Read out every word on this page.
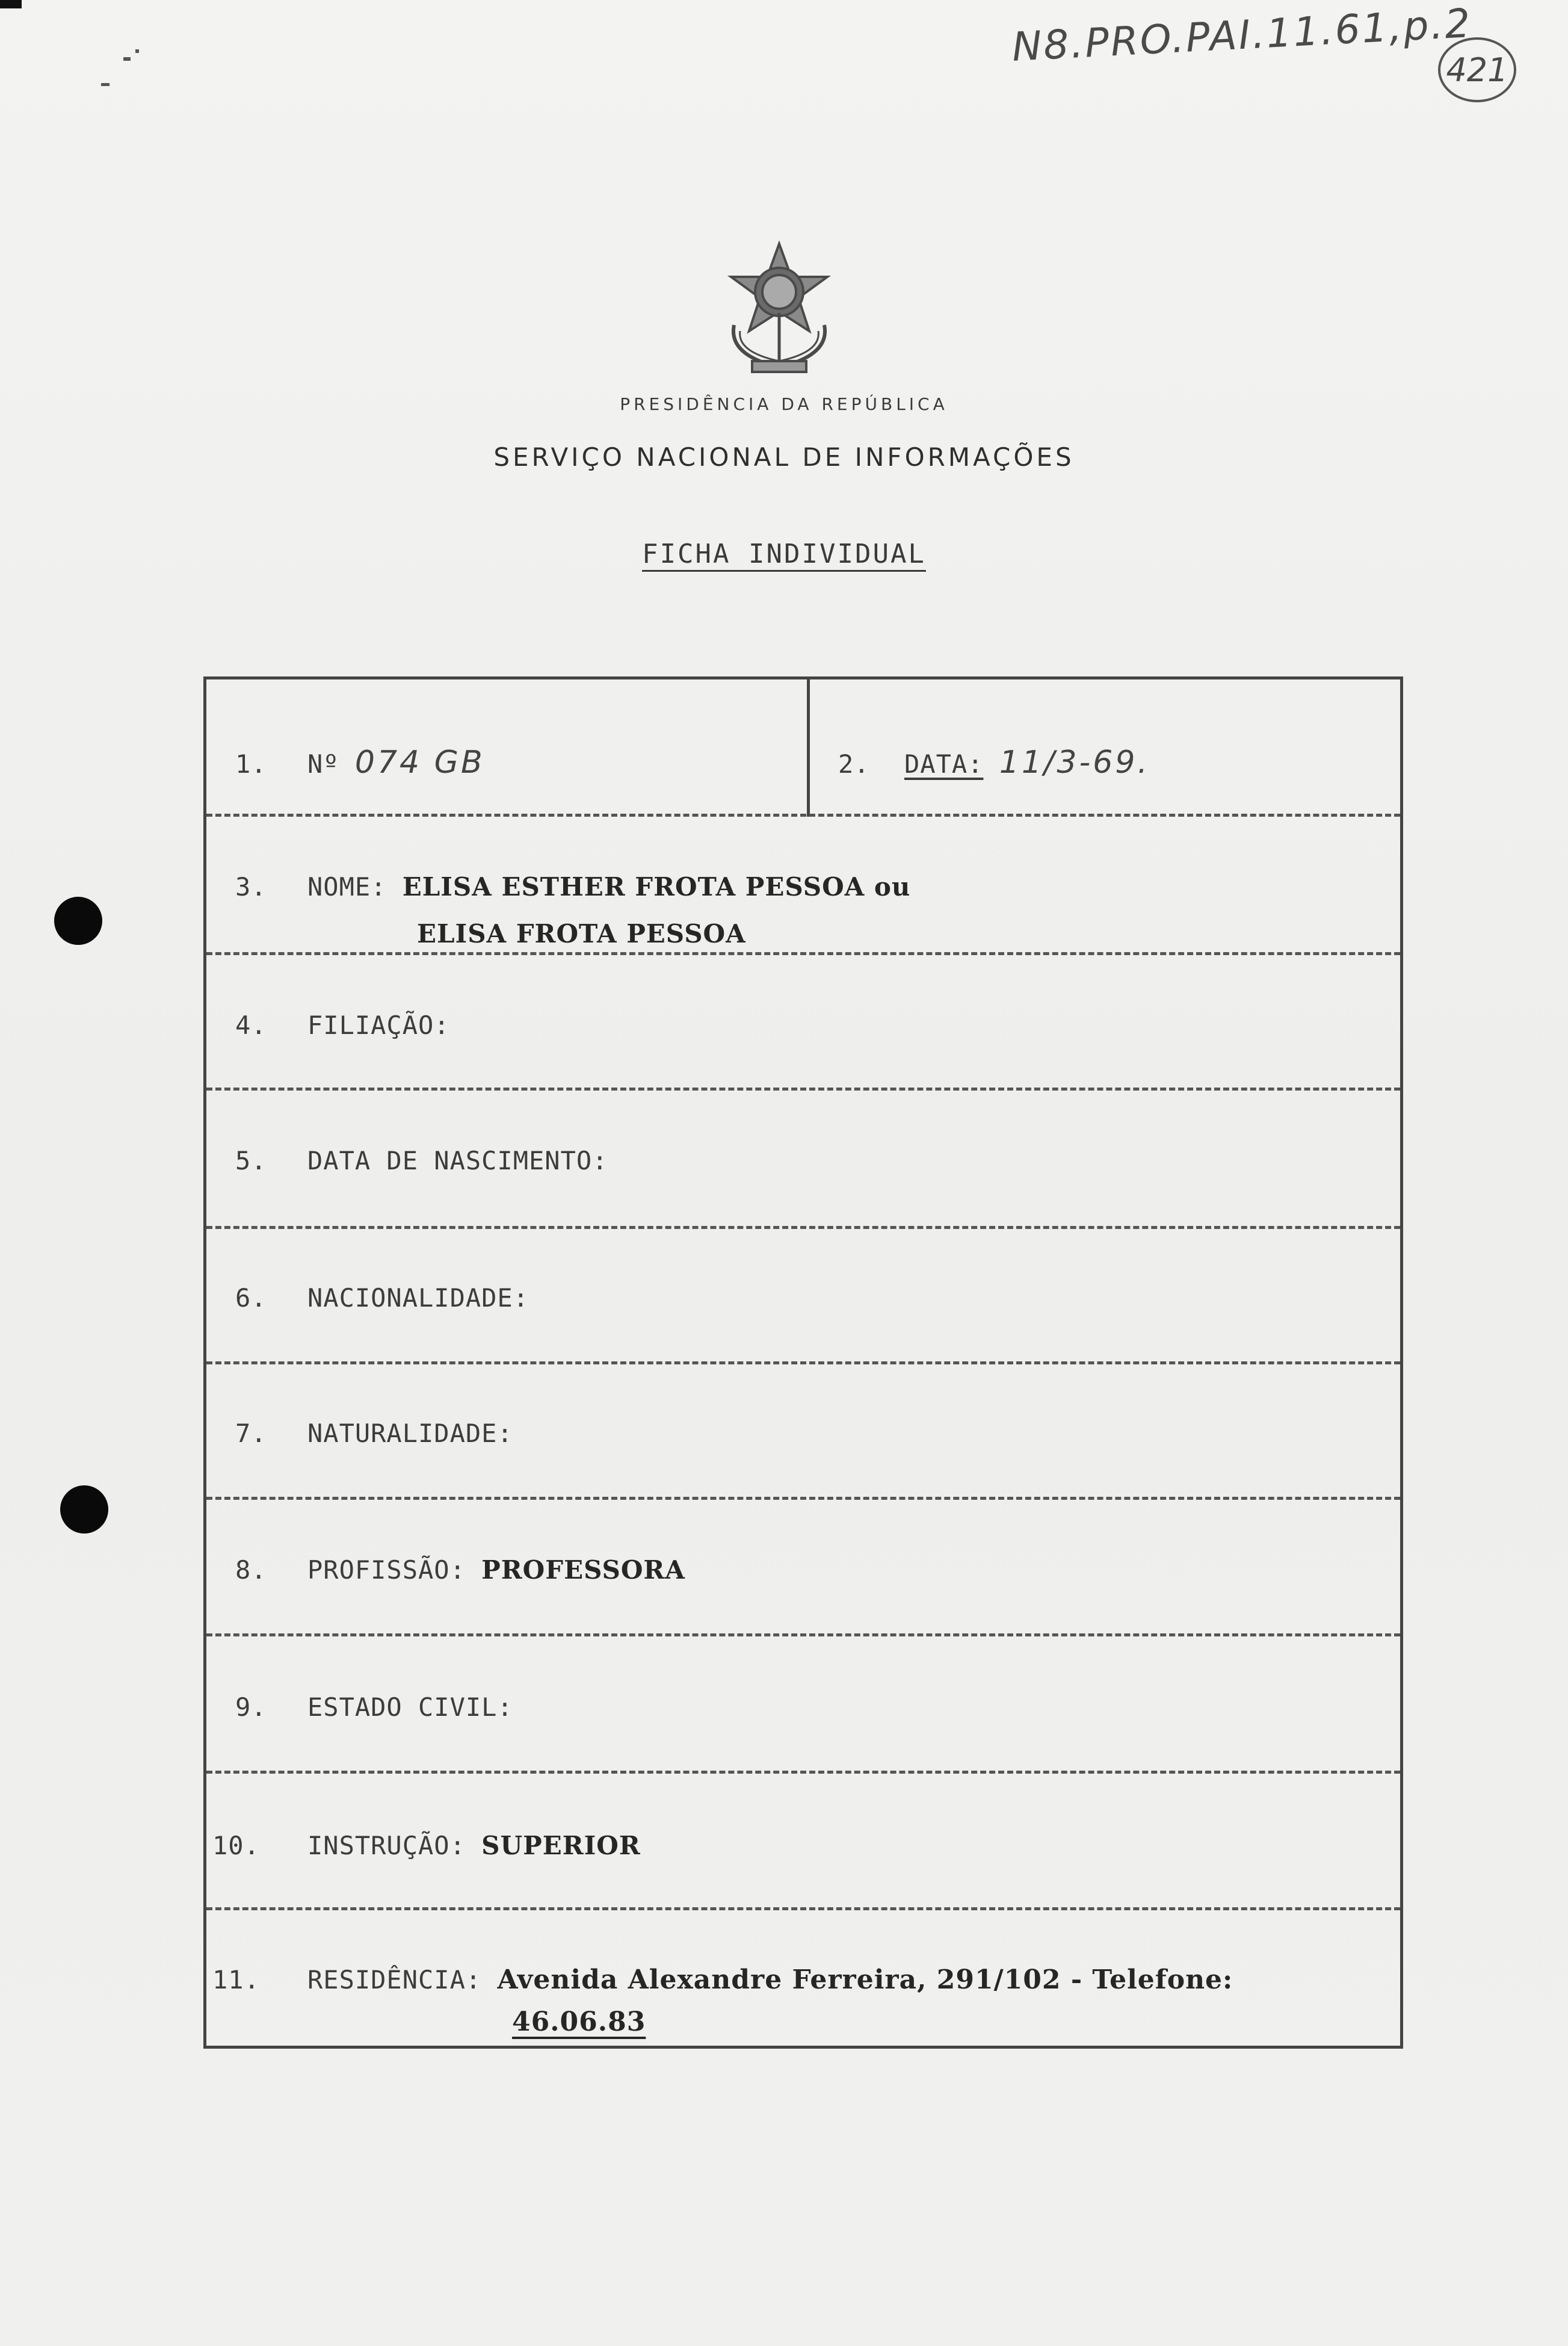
N8.PRO.PAI.11.61,p.2
421
PRESIDÊNCIA DA REPÚBLICA
SERVIÇO NACIONAL DE INFORMAÇÕES
FICHA INDIVIDUAL
1. Nº 074 GB	2. DATA: 11/3-69.
3. NOME: ELISA ESTHER FROTA PESSOA ou
ELISA FROTA PESSOA
4. FILIAÇÃO:
5. DATA DE NASCIMENTO:
6. NACIONALIDADE:
7. NATURALIDADE:
8. PROFISSÃO: PROFESSORA
9. ESTADO CIVIL:
10. INSTRUÇÃO: SUPERIOR
11. RESIDÊNCIA: Avenida Alexandre Ferreira, 291/102 - Telefone:
46.06.83
